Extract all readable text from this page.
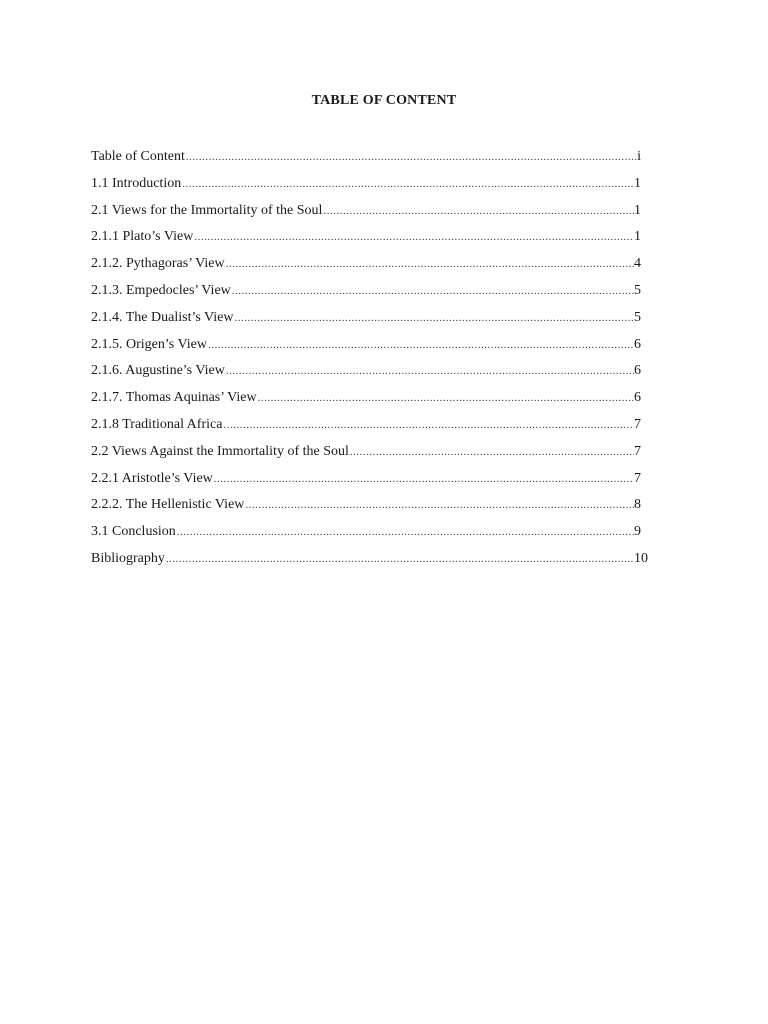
TABLE OF CONTENT
Table of Content .....	i
1.1 Introduction .....	1
2.1 Views for the Immortality of the Soul .....	1
2.1.1 Plato’s View .....	1
2.1.2. Pythagoras’ View .....	4
2.1.3. Empedocles’ View .....	5
2.1.4. The Dualist’s View .....	5
2.1.5. Origen’s View .....	6
2.1.6. Augustine’s View .....	6
2.1.7. Thomas Aquinas’ View .....	6
2.1.8 Traditional Africa .....	7
2.2 Views Against the Immortality of the Soul .....	7
2.2.1 Aristotle’s View .....	7
2.2.2. The Hellenistic View .....	8
3.1 Conclusion .....	9
Bibliography .....	10
